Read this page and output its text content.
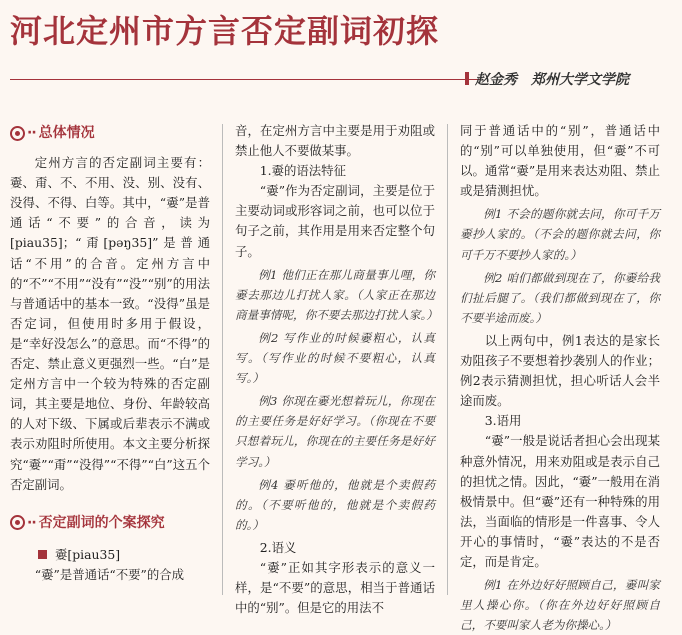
河北定州市方言否定副词初探
赵金秀 郑州大学文学院
·· 总体情况

定州方言的否定副词主要有：嫑、甭、不、不用、没、别、没有、没得、不得、白等。其中，“嫑”是普通话“不要”的合音，读为[piau35]；“甭[pəŋ35]”是普通话“不用”的合音。定州方言中的“不”“不用”“没有”“没”“别”的用法与普通话中的基本一致。“没得”虽是否定词，但使用时多用于假设，是“幸好没怎么”的意思。而“不得”的否定、禁止意义更强烈一些。“白”是定州方言中一个较为特殊的否定副词，其主要是地位、身份、年龄较高的人对下级、下属或后辈表示不满或表示劝阻时所使用。本文主要分析探究“嫑”“甭”“没得”“不得”“白”这五个否定副词。

·· 否定副词的个案探究
嫑[piau35]

“嫑”是普通话“不要”的合成

音，在定州方言中主要是用于劝阻或禁止他人不要做某事。

1.嫑的语法特征

“嫑”作为否定副词，主要是位于主要动词或形容词之前，也可以位于句子之前，其作用是用来否定整个句子。

例1 他们正在那儿商量事儿哩，你嫑去那边儿打扰人家。（人家正在那边商量事情呢，你不要去那边打扰人家。）
例2 写作业的时候嫑粗心，认真写。（写作业的时候不要粗心，认真写。）
例3 你现在嫑光想着玩儿，你现在的主要任务是好好学习。（你现在不要只想着玩儿，你现在的主要任务是好好学习。）
例4 嫑听他的，他就是个卖假药的。（不要听他的，他就是个卖假药的。）
2.语义

“嫑”正如其字形表示的意义一样，是“不要”的意思，相当于普通话中的“别”。但是它的用法不

同于普通话中的“别”，普通话中的“别”可以单独使用，但“嫑”不可以。通常“嫑”是用来表达劝阻、禁止或是猜测担忧。

例1 不会的题你就去问，你可千万嫑抄人家的。（不会的题你就去问，你可千万不要抄人家的。）
例2 咱们都做到现在了，你嫑给我们扯后腿了。（我们都做到现在了，你不要半途而废。）

以上两句中，例1表达的是家长劝阻孩子不要想着抄袭别人的作业；例2表示猜测担忧，担心听话人会半途而废。

3.语用

“嫑”一般是说话者担心会出现某种意外情况，用来劝阻或是表示自己的担忧之情。因此，“嫑”一般用在消极情景中。但“嫑”还有一种特殊的用法，当面临的情形是一件喜事、令人开心的事情时，“嫑”表达的不是否定，而是肯定。

例1 在外边好好照顾自己，嫑叫家里人操心你。（你在外边好好照顾自己，不要叫家人老为你操心。）
